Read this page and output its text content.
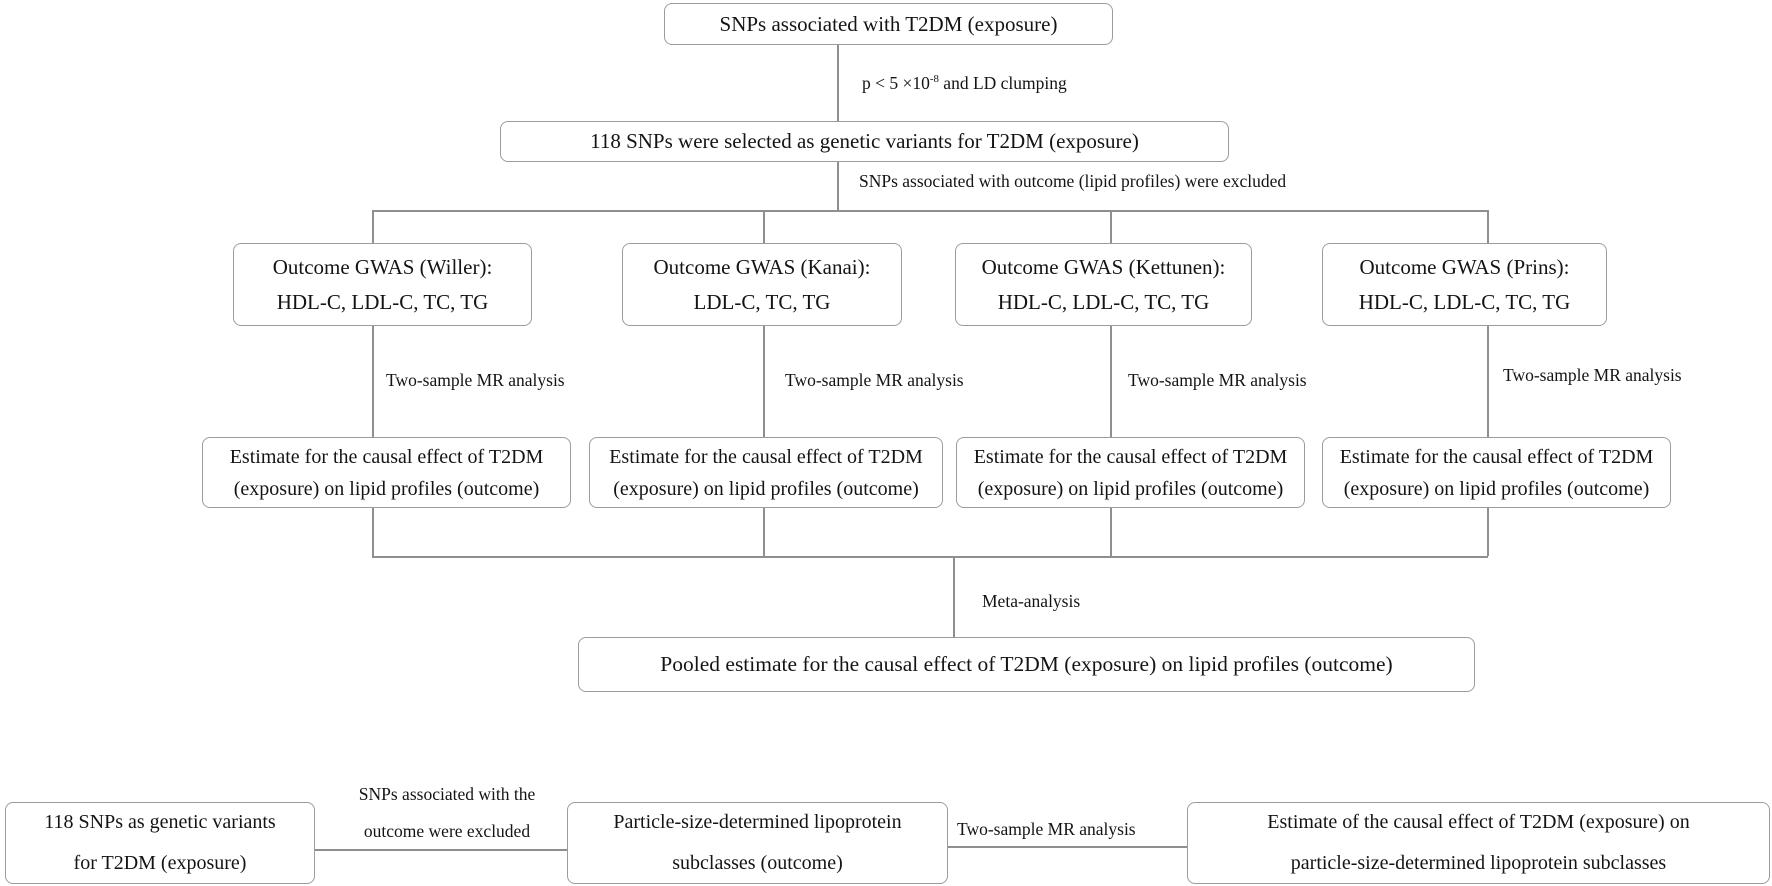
SNPs associated with T2DM (exposure)
$p < 5 \times 10^{-8}$ and LD clumping
118 SNPs were selected as genetic variants for T2DM (exposure)
SNPs associated with outcome (lipid profiles) were excluded
Outcome GWAS (Willer):
HDL-C, LDL-C, TC, TG
Outcome GWAS (Kanai):
LDL-C, TC, TG
Outcome GWAS (Kettunen):
HDL-C, LDL-C, TC, TG
Outcome GWAS (Prins):
HDL-C, LDL-C, TC, TG
Two-sample MR analysis	Two-sample MR analysis	Two-sample MR analysis	Two-sample MR analysis
Estimate for the causal effect of T2DM
(exposure) on lipid profiles (outcome)
Estimate for the causal effect of T2DM
(exposure) on lipid profiles (outcome)
Estimate for the causal effect of T2DM
(exposure) on lipid profiles (outcome)
Estimate for the causal effect of T2DM
(exposure) on lipid profiles (outcome)
Meta-analysis
Pooled estimate for the causal effect of T2DM (exposure) on lipid profiles (outcome)
118 SNPs as genetic variants
for T2DM (exposure)
SNPs associated with the
outcome were excluded	Particle-size-determined lipoprotein
subclasses (outcome)
Two-sample MR analysis	Estimate of the causal effect of T2DM (exposure) on
particle-size-determined lipoprotein subclasses
